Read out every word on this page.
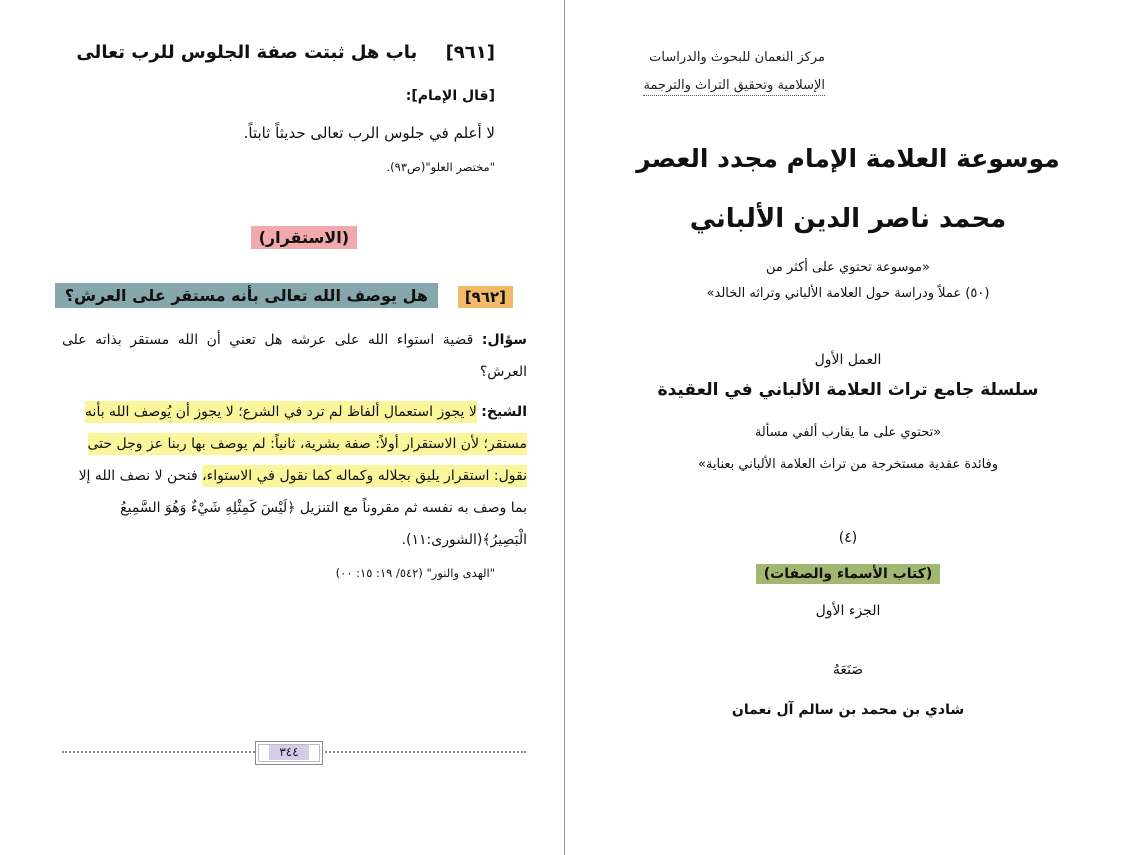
[٩٦١] باب هل ثبتت صفة الجلوس للرب تعالى
[قال الإمام]:
لا أعلم في جلوس الرب تعالى حديثاً ثابتاً.
"مختصر العلو"(ص٩٣).
(الاستقرار)
[٩٦٢]
هل يوصف الله تعالى بأنه مستقر على العرش؟
سؤال: قضية استواء الله على عرشه هل تعني أن الله مستقر بذاته على العرش؟
الشيخ: لا يجوز استعمال ألفاظ لم ترد في الشرع؛ لا يجوز أن يُوصف الله بأنه
مستقر؛ لأن الاستقرار أولاً: صفة بشرية، ثانياً: لم يوصف بها ربنا عز وجل حتى
نقول: استقرار يليق بجلاله وكماله كما نقول في الاستواء، فنحن لا نصف الله إلا
بما وصف به نفسه ثم مقروناً مع التنزيل ﴿لَيْسَ كَمِثْلِهِ شَيْءٌ وَهُوَ السَّمِيعُ
الْبَصِيرُ﴾(الشورى:١١).
"الهدى والنور" (٥٤٢/ ١٩: ١٥: ٠٠)
٣٤٤
مركز النعمان للبحوث والدراسات
الإسلامية وتحقيق التراث والترجمة
موسوعة العلامة الإمام مجدد العصر
محمد ناصر الدين الألباني
«موسوعة تحتوي على أكثر من
(٥٠) عملاً ودراسة حول العلامة الألباني وتراثه الخالد»
العمل الأول
سلسلة جامع تراث العلامة الألباني في العقيدة
«تحتوي على ما يقارب ألفي مسألة
وفائدة عقدية مستخرجة من تراث العلامة الألباني بعناية»
(٤)
(كتاب الأسماء والصفات)
الجزء الأول
صَنَعَهُ
شادي بن محمد بن سالم آل نعمان
